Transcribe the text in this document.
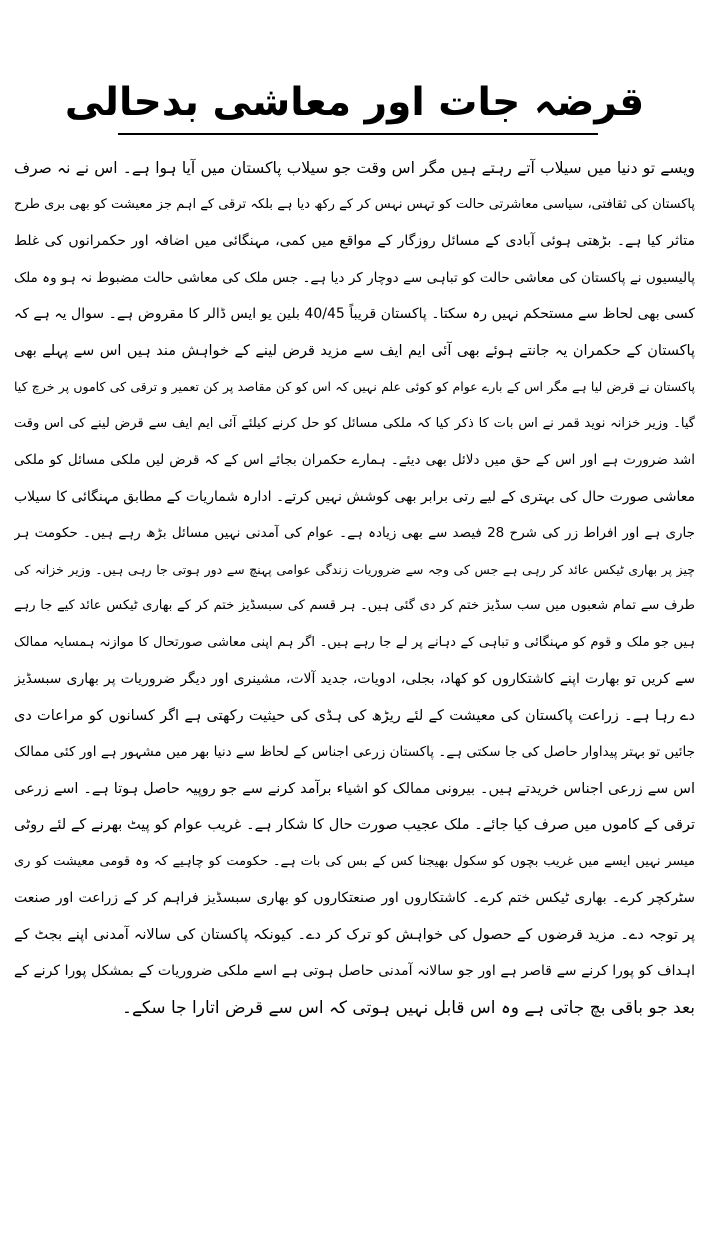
قرضہ جات اور معاشی بدحالی
ویسے تو دنیا میں سیلاب آتے رہتے ہیں مگر اس وقت جو سیلاب پاکستان میں آیا ہوا ہے۔ اس نے نہ صرف
پاکستان کی ثقافتی، سیاسی معاشرتی حالت کو تہس نہس کر کے رکھ دیا ہے بلکہ ترقی کے اہم جز معیشت کو بھی بری طرح
متاثر کیا ہے۔ بڑھتی ہوئی آبادی کے مسائل روزگار کے مواقع میں کمی، مہنگائی میں اضافہ اور حکمرانوں کی غلط
پالیسیوں نے پاکستان کی معاشی حالت کو تباہی سے دوچار کر دیا ہے۔ جس ملک کی معاشی حالت مضبوط نہ ہو وہ ملک
کسی بھی لحاظ سے مستحکم نہیں رہ سکتا۔ پاکستان قریباً 40/45 بلین یو ایس ڈالر کا مقروض ہے۔ سوال یہ ہے کہ
پاکستان کے حکمران یہ جانتے ہوئے بھی آئی ایم ایف سے مزید قرض لینے کے خواہش مند ہیں اس سے پہلے بھی
پاکستان نے قرض لیا ہے مگر اس کے بارے عوام کو کوئی علم نہیں کہ اس کو کن مقاصد پر کن تعمیر و ترقی کی کاموں پر خرچ کیا
گیا۔ وزیر خزانہ نوید قمر نے اس بات کا ذکر کیا کہ ملکی مسائل کو حل کرنے کیلئے آئی ایم ایف سے قرض لینے کی اس وقت
اشد ضرورت ہے اور اس کے حق میں دلائل بھی دیئے۔ ہمارے حکمران بجائے اس کے کہ قرض لیں ملکی مسائل کو ملکی
معاشی صورت حال کی بہتری کے لیے رتی برابر بھی کوشش نہیں کرتے۔ ادارہ شماریات کے مطابق مہنگائی کا سیلاب
جاری ہے اور افراط زر کی شرح 28 فیصد سے بھی زیادہ ہے۔ عوام کی آمدنی نہیں مسائل بڑھ رہے ہیں۔ حکومت ہر
چیز پر بھاری ٹیکس عائد کر رہی ہے جس کی وجہ سے ضروریات زندگی عوامی پہنچ سے دور ہوتی جا رہی ہیں۔ وزیر خزانہ کی
طرف سے تمام شعبوں میں سب سڈیز ختم کر دی گئی ہیں۔ ہر قسم کی سبسڈیز ختم کر کے بھاری ٹیکس عائد کیے جا رہے
ہیں جو ملک و قوم کو مہنگائی و تباہی کے دہانے پر لے جا رہے ہیں۔ اگر ہم اپنی معاشی صورتحال کا موازنہ ہمسایہ ممالک
سے کریں تو بھارت اپنے کاشتکاروں کو کھاد، بجلی، ادویات، جدید آلات، مشینری اور دیگر ضروریات پر بھاری سبسڈیز
دے رہا ہے۔ زراعت پاکستان کی معیشت کے لئے ریڑھ کی ہڈی کی حیثیت رکھتی ہے اگر کسانوں کو مراعات دی
جائیں تو بہتر پیداوار حاصل کی جا سکتی ہے۔ پاکستان زرعی اجناس کے لحاظ سے دنیا بھر میں مشہور ہے اور کئی ممالک
اس سے زرعی اجناس خریدتے ہیں۔ بیرونی ممالک کو اشیاء برآمد کرنے سے جو روپیہ حاصل ہوتا ہے۔ اسے زرعی
ترقی کے کاموں میں صرف کیا جائے۔ ملک عجیب صورت حال کا شکار ہے۔ غریب عوام کو پیٹ بھرنے کے لئے روٹی
میسر نہیں ایسے میں غریب بچوں کو سکول بھیجنا کس کے بس کی بات ہے۔ حکومت کو چاہیے کہ وہ قومی معیشت کو ری
سٹرکچر کرے۔ بھاری ٹیکس ختم کرے۔ کاشتکاروں اور صنعتکاروں کو بھاری سبسڈیز فراہم کر کے زراعت اور صنعت
پر توجہ دے۔ مزید قرضوں کے حصول کی خواہش کو ترک کر دے۔ کیونکہ پاکستان کی سالانہ آمدنی اپنے بجٹ کے
اہداف کو پورا کرنے سے قاصر ہے اور جو سالانہ آمدنی حاصل ہوتی ہے اسے ملکی ضروریات کے بمشکل پورا کرنے کے
بعد جو باقی بچ جاتی ہے وہ اس قابل نہیں ہوتی کہ اس سے قرض اتارا جا سکے۔
